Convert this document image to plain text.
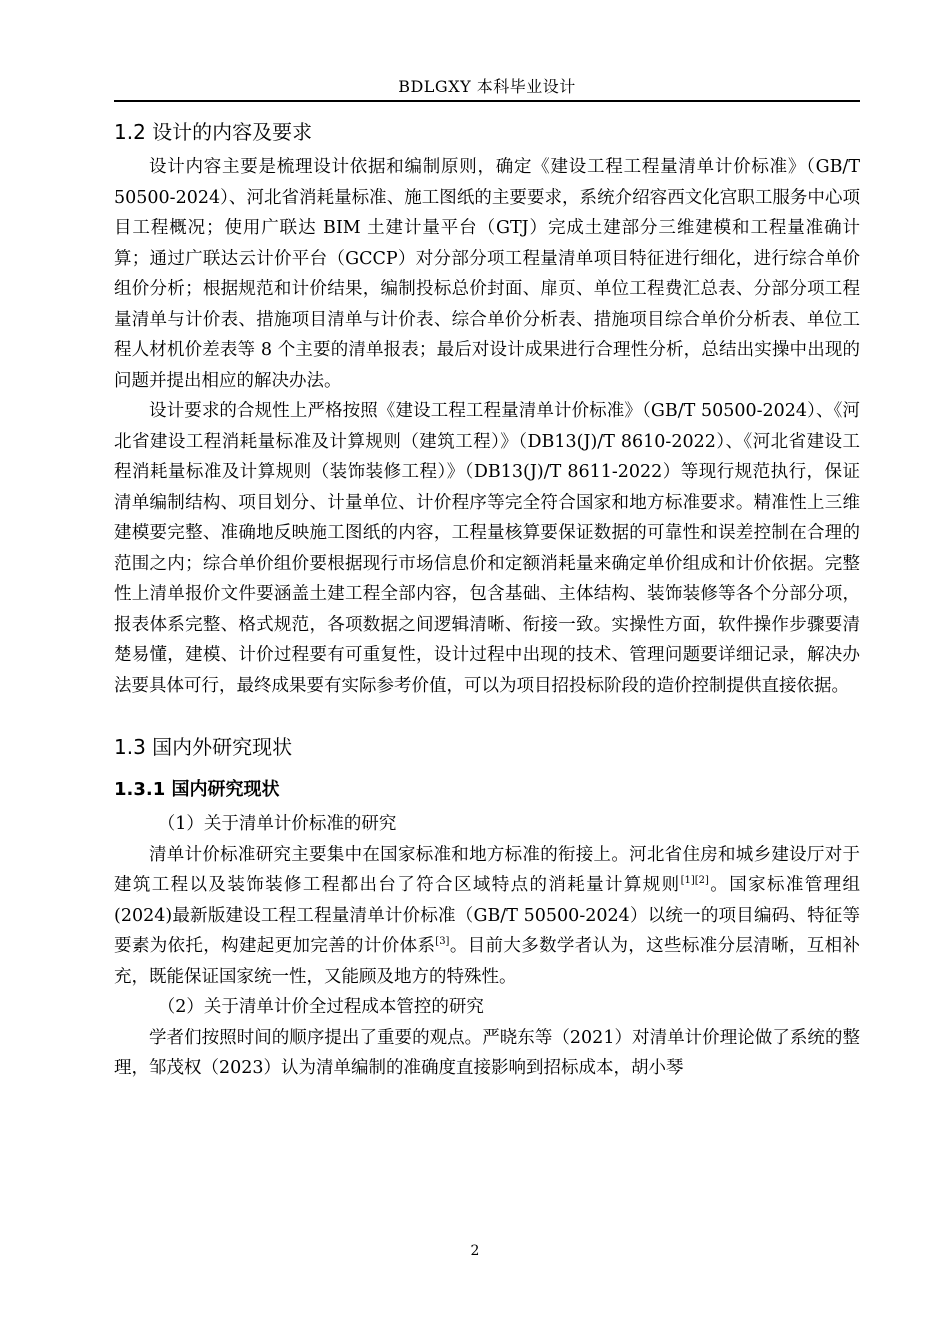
BDLGXY 本科毕业设计
1.2 设计的内容及要求

设计内容主要是梳理设计依据和编制原则，确定《建设工程工程量清单计价标准》（GB/T 50500-2024）、河北省消耗量标准、施工图纸的主要要求，系统介绍容西文化宫职工服务中心项目工程概况；使用广联达 BIM 土建计量平台（GTJ）完成土建部分三维建模和工程量准确计算；通过广联达云计价平台（GCCP）对分部分项工程量清单项目特征进行细化，进行综合单价组价分析；根据规范和计价结果，编制投标总价封面、扉页、单位工程费汇总表、分部分项工程量清单与计价表、措施项目清单与计价表、综合单价分析表、措施项目综合单价分析表、单位工程人材机价差表等 8 个主要的清单报表；最后对设计成果进行合理性分析，总结出实操中出现的问题并提出相应的解决办法。

设计要求的合规性上严格按照《建设工程工程量清单计价标准》（GB/T 50500-2024）、《河北省建设工程消耗量标准及计算规则（建筑工程）》（DB13(J)/T 8610-2022）、《河北省建设工程消耗量标准及计算规则（装饰装修工程）》（DB13(J)/T 8611-2022）等现行规范执行，保证清单编制结构、项目划分、计量单位、计价程序等完全符合国家和地方标准要求。精准性上三维建模要完整、准确地反映施工图纸的内容，工程量核算要保证数据的可靠性和误差控制在合理的范围之内；综合单价组价要根据现行市场信息价和定额消耗量来确定单价组成和计价依据。完整性上清单报价文件要涵盖土建工程全部内容，包含基础、主体结构、装饰装修等各个分部分项，报表体系完整、格式规范，各项数据之间逻辑清晰、衔接一致。实操性方面，软件操作步骤要清楚易懂，建模、计价过程要有可重复性，设计过程中出现的技术、管理问题要详细记录，解决办法要具体可行，最终成果要有实际参考价值，可以为项目招投标阶段的造价控制提供直接依据。

1.3 国内外研究现状
1.3.1 国内研究现状

（1）关于清单计价标准的研究

清单计价标准研究主要集中在国家标准和地方标准的衔接上。河北省住房和城乡建设厅对于建筑工程以及装饰装修工程都出台了符合区域特点的消耗量计算规则[1][2]。国家标准管理组(2024)最新版建设工程工程量清单计价标准（GB/T 50500-2024）以统一的项目编码、特征等要素为依托，构建起更加完善的计价体系[3]。目前大多数学者认为，这些标准分层清晰，互相补充，既能保证国家统一性，又能顾及地方的特殊性。

（2）关于清单计价全过程成本管控的研究

学者们按照时间的顺序提出了重要的观点。严晓东等（2021）对清单计价理论做了系统的整理，邹茂权（2023）认为清单编制的准确度直接影响到招标成本，胡小琴

2
